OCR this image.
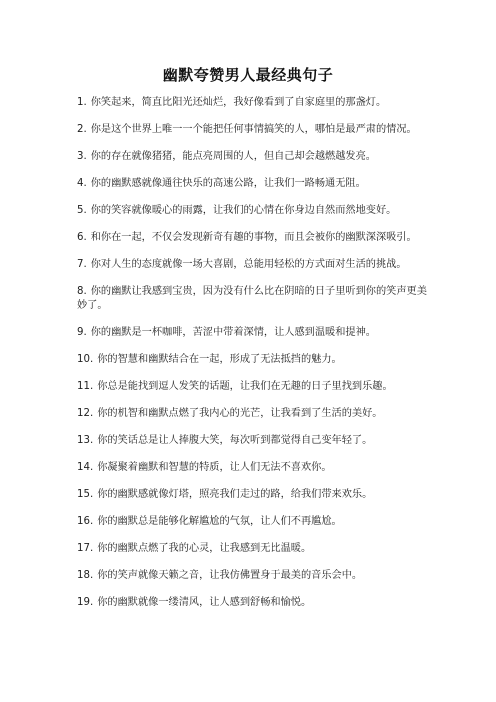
幽默夸赞男人最经典句子
1. 你笑起来，简直比阳光还灿烂，我好像看到了自家庭里的那盏灯。
2. 你是这个世界上唯一一个能把任何事情搞笑的人，哪怕是最严肃的情况。
3. 你的存在就像猪猪，能点亮周围的人，但自己却会越燃越发亮。
4. 你的幽默感就像通往快乐的高速公路，让我们一路畅通无阻。
5. 你的笑容就像暖心的雨露，让我们的心情在你身边自然而然地变好。
6. 和你在一起，不仅会发现新奇有趣的事物，而且会被你的幽默深深吸引。
7. 你对人生的态度就像一场大喜剧，总能用轻松的方式面对生活的挑战。
8. 你的幽默让我感到宝贵，因为没有什么比在阴暗的日子里听到你的笑声更美妙了。
9. 你的幽默是一杯咖啡，苦涩中带着深情，让人感到温暖和提神。
10. 你的智慧和幽默结合在一起，形成了无法抵挡的魅力。
11. 你总是能找到逗人发笑的话题，让我们在无趣的日子里找到乐趣。
12. 你的机智和幽默点燃了我内心的光芒，让我看到了生活的美好。
13. 你的笑话总是让人捧腹大笑，每次听到都觉得自己变年轻了。
14. 你凝聚着幽默和智慧的特质，让人们无法不喜欢你。
15. 你的幽默感就像灯塔，照亮我们走过的路，给我们带来欢乐。
16. 你的幽默总是能够化解尴尬的气氛，让人们不再尴尬。
17. 你的幽默点燃了我的心灵，让我感到无比温暖。
18. 你的笑声就像天籁之音，让我仿佛置身于最美的音乐会中。
19. 你的幽默就像一缕清风，让人感到舒畅和愉悦。
